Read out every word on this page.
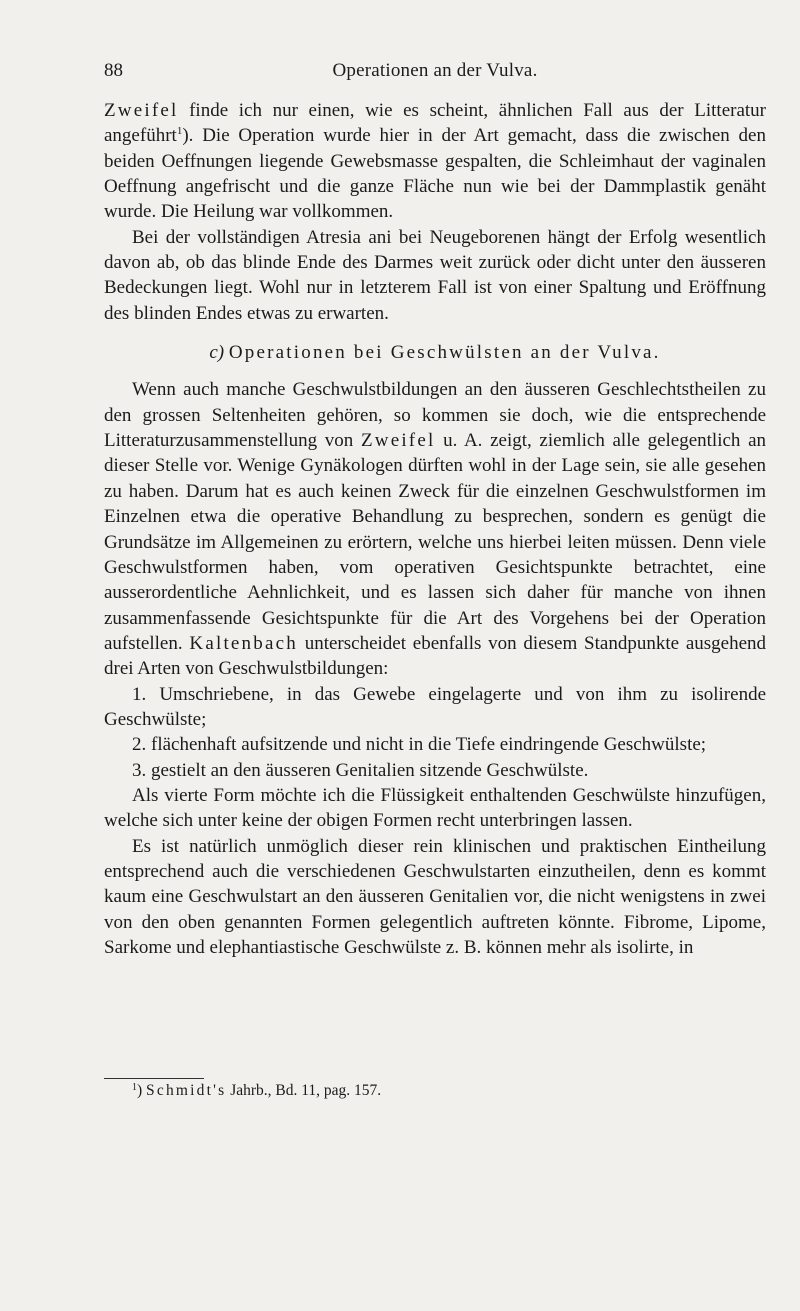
88	Operationen an der Vulva.

Zweifel finde ich nur einen, wie es scheint, ähnlichen Fall aus der Litteratur angeführt$^1$). Die Operation wurde hier in der Art gemacht, dass die zwischen den beiden Oeffnungen liegende Gewebsmasse gespalten, die Schleimhaut der vaginalen Oeffnung angefrischt und die ganze Fläche nun wie bei der Dammplastik genäht wurde. Die Heilung war vollkommen.

Bei der vollständigen Atresia ani bei Neugeborenen hängt der Erfolg wesentlich davon ab, ob das blinde Ende des Darmes weit zurück oder dicht unter den äusseren Bedeckungen liegt. Wohl nur in letzterem Fall ist von einer Spaltung und Eröffnung des blinden Endes etwas zu erwarten.

c) Operationen bei Geschwülsten an der Vulva.

Wenn auch manche Geschwulstbildungen an den äusseren Geschlechtstheilen zu den grossen Seltenheiten gehören, so kommen sie doch, wie die entsprechende Litteraturzusammenstellung von Zweifel u. A. zeigt, ziemlich alle gelegentlich an dieser Stelle vor. Wenige Gynäkologen dürften wohl in der Lage sein, sie alle gesehen zu haben. Darum hat es auch keinen Zweck für die einzelnen Geschwulstformen im Einzelnen etwa die operative Behandlung zu besprechen, sondern es genügt die Grundsätze im Allgemeinen zu erörtern, welche uns hierbei leiten müssen. Denn viele Geschwulstformen haben, vom operativen Gesichtspunkte betrachtet, eine ausserordentliche Aehnlichkeit, und es lassen sich daher für manche von ihnen zusammenfassende Gesichtspunkte für die Art des Vorgehens bei der Operation aufstellen. Kaltenbach unterscheidet ebenfalls von diesem Standpunkte ausgehend drei Arten von Geschwulstbildungen:

1. Umschriebene, in das Gewebe eingelagerte und von ihm zu isolirende Geschwülste;

2. flächenhaft aufsitzende und nicht in die Tiefe eindringende Geschwülste;

3. gestielt an den äusseren Genitalien sitzende Geschwülste.

Als vierte Form möchte ich die Flüssigkeit enthaltenden Geschwülste hinzufügen, welche sich unter keine der obigen Formen recht unterbringen lassen.

Es ist natürlich unmöglich dieser rein klinischen und praktischen Eintheilung entsprechend auch die verschiedenen Geschwulstarten einzutheilen, denn es kommt kaum eine Geschwulstart an den äusseren Genitalien vor, die nicht wenigstens in zwei von den oben genannten Formen gelegentlich auftreten könnte. Fibrome, Lipome, Sarkome und elephantiastische Geschwülste z. B. können mehr als isolirte, in

$^1$) Schmidt's Jahrb., Bd. 11, pag. 157.
